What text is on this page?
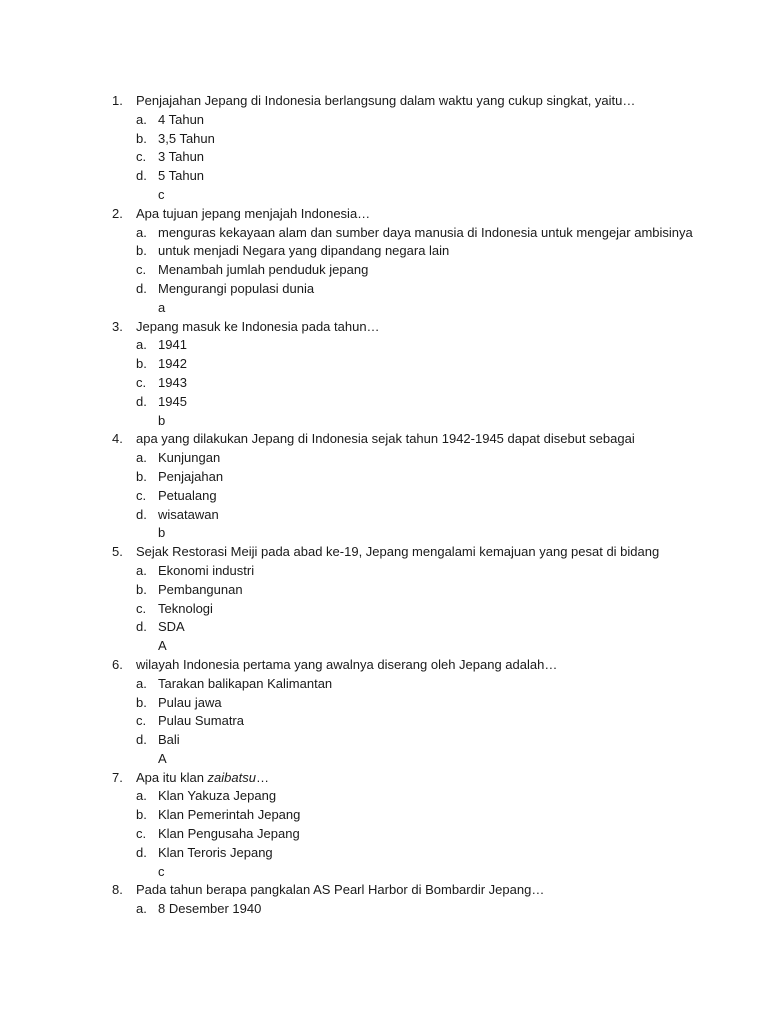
1. Penjajahan Jepang di Indonesia berlangsung dalam waktu yang cukup singkat, yaitu…
a. 4 Tahun
b. 3,5 Tahun
c. 3 Tahun
d. 5 Tahun
c
2. Apa tujuan jepang menjajah Indonesia…
a. menguras kekayaan alam dan sumber daya manusia di Indonesia untuk mengejar ambisinya
b. untuk menjadi Negara yang dipandang negara lain
c. Menambah jumlah penduduk jepang
d. Mengurangi populasi dunia
a
3. Jepang masuk ke Indonesia pada tahun…
a. 1941
b. 1942
c. 1943
d. 1945
b
4. apa yang dilakukan Jepang di Indonesia sejak tahun 1942-1945 dapat disebut sebagai
a. Kunjungan
b. Penjajahan
c. Petualang
d. wisatawan
b
5. Sejak Restorasi Meiji pada abad ke-19, Jepang mengalami kemajuan yang pesat di bidang
a. Ekonomi industri
b. Pembangunan
c. Teknologi
d. SDA
A
6. wilayah Indonesia pertama yang awalnya diserang oleh Jepang adalah…
a. Tarakan balikapan Kalimantan
b. Pulau jawa
c. Pulau Sumatra
d. Bali
A
7. Apa itu klan zaibatsu…
a. Klan Yakuza Jepang
b. Klan Pemerintah Jepang
c. Klan Pengusaha Jepang
d. Klan Teroris Jepang
c
8. Pada tahun berapa pangkalan AS Pearl Harbor di Bombardir Jepang…
a. 8 Desember 1940
